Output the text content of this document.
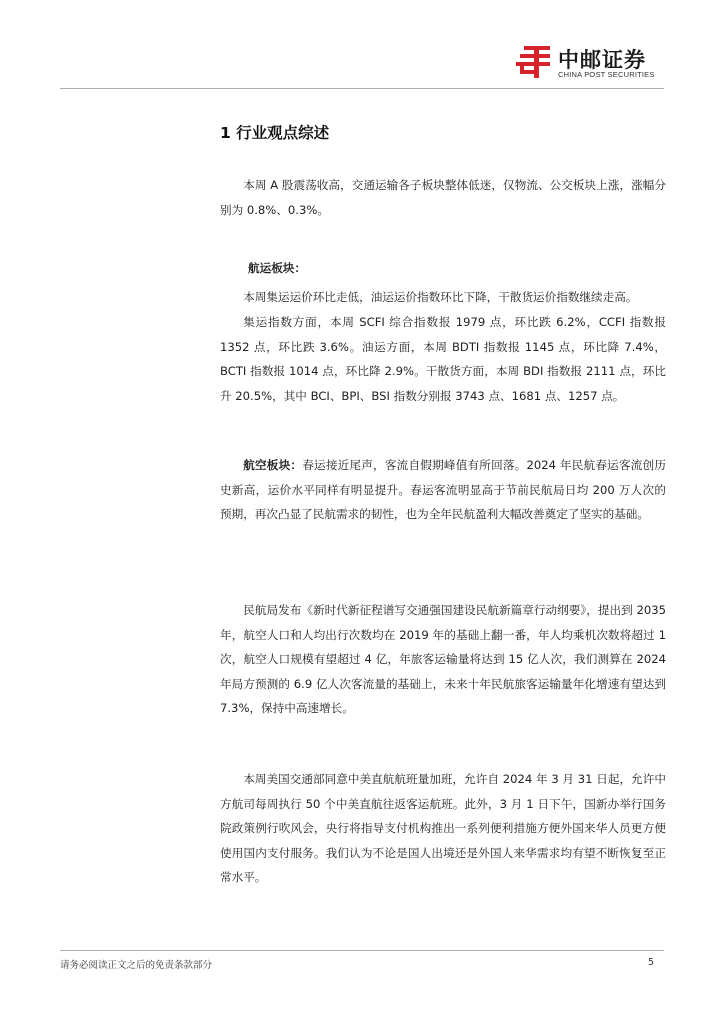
中邮证券
CHINA POST SECURITIES
1 行业观点综述

本周 A 股震荡收高，交通运输各子板块整体低迷，仅物流、公交板块上涨，涨幅分别为 0.8%、0.3%。

航运板块：

本周集运运价环比走低，油运运价指数环比下降，干散货运价指数继续走高。

集运指数方面，本周 SCFI 综合指数报 1979 点，环比跌 6.2%，CCFI 指数报 1352 点，环比跌 3.6%。油运方面，本周 BDTI 指数报 1145 点，环比降 7.4%，BCTI 指数报 1014 点，环比降 2.9%。干散货方面，本周 BDI 指数报 2111 点，环比升 20.5%，其中 BCI、BPI、BSI 指数分别报 3743 点、1681 点、1257 点。

航空板块：春运接近尾声，客流自假期峰值有所回落。2024 年民航春运客流创历史新高，运价水平同样有明显提升。春运客流明显高于节前民航局日均 200 万人次的预期，再次凸显了民航需求的韧性，也为全年民航盈利大幅改善奠定了坚实的基础。

民航局发布《新时代新征程谱写交通强国建设民航新篇章行动纲要》，提出到 2035 年，航空人口和人均出行次数均在 2019 年的基础上翻一番，年人均乘机次数将超过 1 次，航空人口规模有望超过 4 亿，年旅客运输量将达到 15 亿人次，我们测算在 2024 年局方预测的 6.9 亿人次客流量的基础上，未来十年民航旅客运输量年化增速有望达到 7.3%，保持中高速增长。

本周美国交通部同意中美直航航班量加班，允许自 2024 年 3 月 31 日起，允许中方航司每周执行 50 个中美直航往返客运航班。此外，3 月 1 日下午，国新办举行国务院政策例行吹风会，央行将指导支付机构推出一系列便利措施方便外国来华人员更方便使用国内支付服务。我们认为不论是国人出境还是外国人来华需求均有望不断恢复至正常水平。

请务必阅读正文之后的免责条款部分	5
